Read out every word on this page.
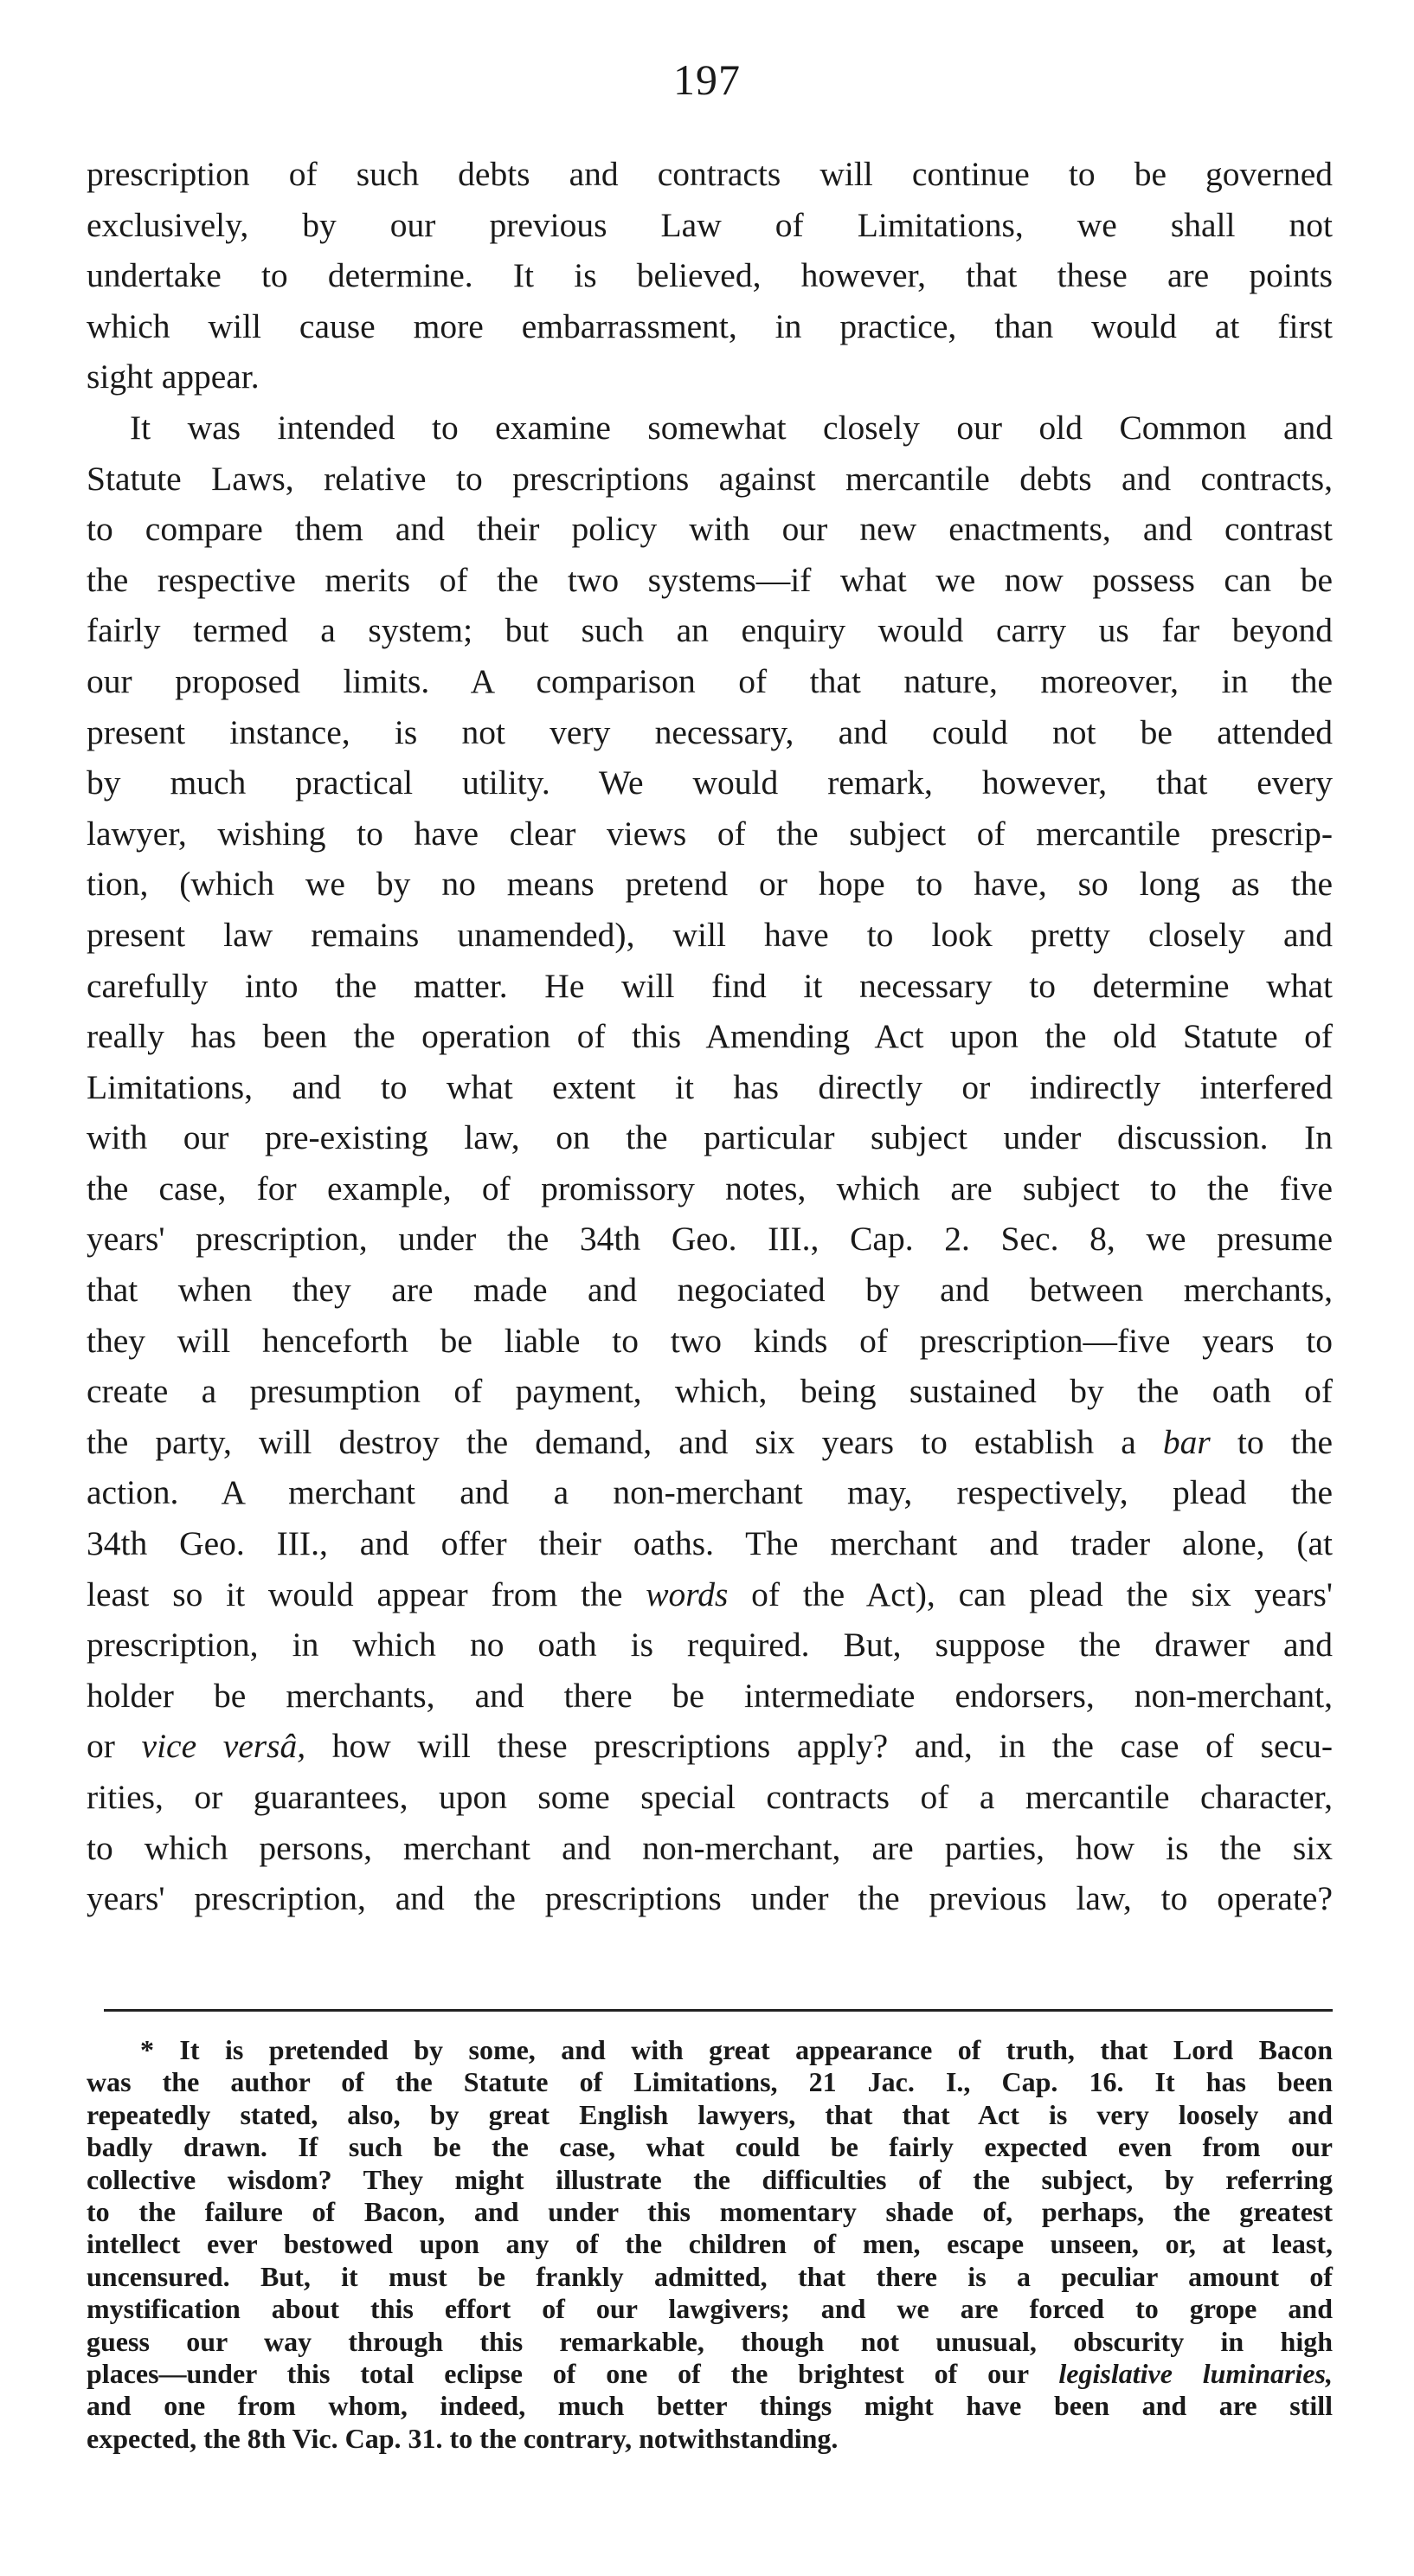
197
prescription of such debts and contracts will continue to be governed
exclusively, by our previous Law of Limitations, we shall not
undertake to determine. It is believed, however, that these are points
which will cause more embarrassment, in practice, than would at first
sight appear.
It was intended to examine somewhat closely our old Common and
Statute Laws, relative to prescriptions against mercantile debts and contracts,
to compare them and their policy with our new enactments, and contrast
the respective merits of the two systems—if what we now possess can be
fairly termed a system; but such an enquiry would carry us far beyond
our proposed limits. A comparison of that nature, moreover, in the
present instance, is not very necessary, and could not be attended
by much practical utility. We would remark, however, that every
lawyer, wishing to have clear views of the subject of mercantile prescrip-
tion, (which we by no means pretend or hope to have, so long as the
present law remains unamended), will have to look pretty closely and
carefully into the matter. He will find it necessary to determine what
really has been the operation of this Amending Act upon the old Statute of
Limitations, and to what extent it has directly or indirectly interfered
with our pre-existing law, on the particular subject under discussion. In
the case, for example, of promissory notes, which are subject to the five
years' prescription, under the 34th Geo. III., Cap. 2. Sec. 8, we presume
that when they are made and negociated by and between merchants,
they will henceforth be liable to two kinds of prescription—five years to
create a presumption of payment, which, being sustained by the oath of
the party, will destroy the demand, and six years to establish a bar to the
action. A merchant and a non-merchant may, respectively, plead the
34th Geo. III., and offer their oaths. The merchant and trader alone, (at
least so it would appear from the words of the Act), can plead the six years'
prescription, in which no oath is required. But, suppose the drawer and
holder be merchants, and there be intermediate endorsers, non-merchant,
or vice versâ, how will these prescriptions apply? and, in the case of secu-
rities, or guarantees, upon some special contracts of a mercantile character,
to which persons, merchant and non-merchant, are parties, how is the six
years' prescription, and the prescriptions under the previous law, to operate?
* It is pretended by some, and with great appearance of truth, that Lord Bacon
was the author of the Statute of Limitations, 21 Jac. I., Cap. 16. It has been
repeatedly stated, also, by great English lawyers, that that Act is very loosely and
badly drawn. If such be the case, what could be fairly expected even from our
collective wisdom? They might illustrate the difficulties of the subject, by referring
to the failure of Bacon, and under this momentary shade of, perhaps, the greatest
intellect ever bestowed upon any of the children of men, escape unseen, or, at least,
uncensured. But, it must be frankly admitted, that there is a peculiar amount of
mystification about this effort of our lawgivers; and we are forced to grope and
guess our way through this remarkable, though not unusual, obscurity in high
places—under this total eclipse of one of the brightest of our legislative luminaries,
and one from whom, indeed, much better things might have been and are still
expected, the 8th Vic. Cap. 31. to the contrary, notwithstanding.
